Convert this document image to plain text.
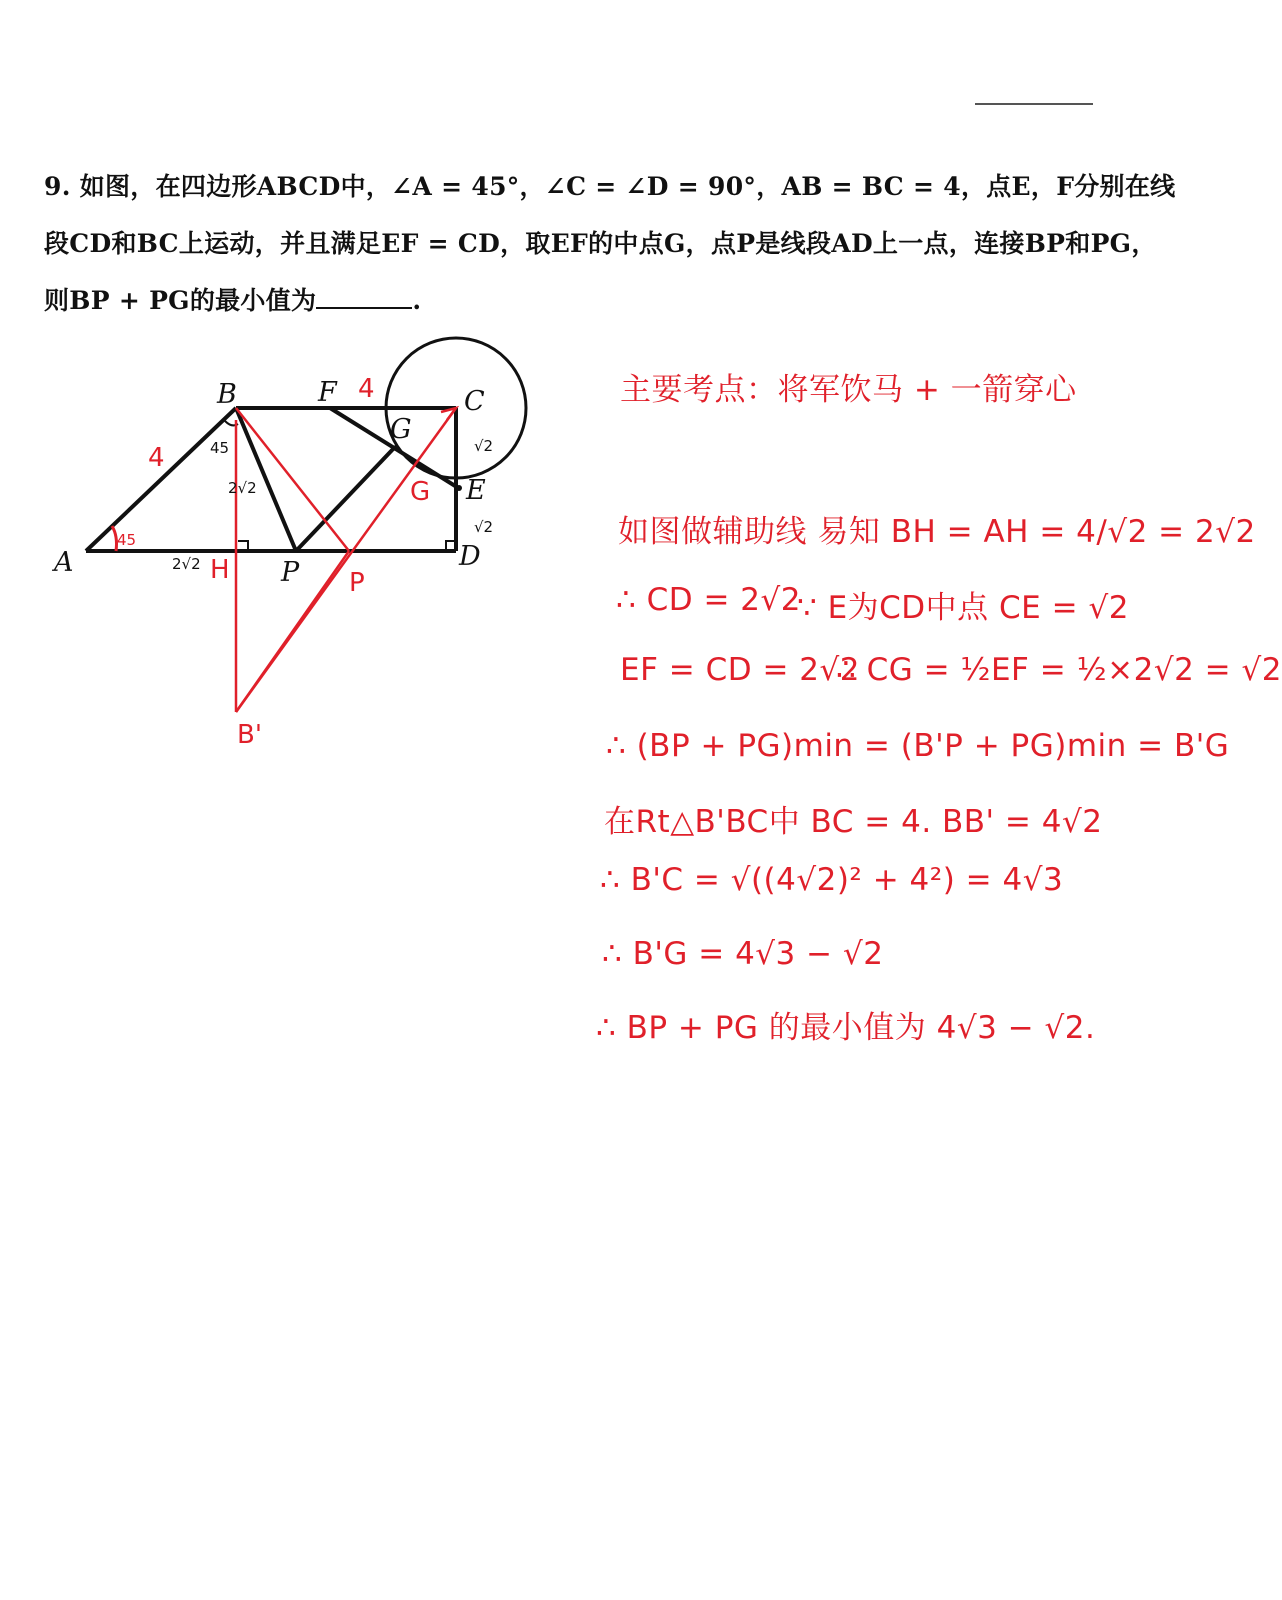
9. 如图，在四边形ABCD中，∠A = 45°，∠C = ∠D = 90°，AB = BC = 4，点E，F分别在线
段CD和BC上运动，并且满足EF = CD，取EF的中点G，点P是线段AD上一点，连接BP和PG，
则BP + PG的最小值为	.
A
B	C
D
E
F
G
P
H
G
P
B'
4
4
45
45
2√2
2√2
√2
√2
主要考点：将军饮马 + 一箭穿心
如图做辅助线 易知 BH = AH = 4/√2 = 2√2
∴ CD = 2√2
∵ E为CD中点 CE = √2
EF = CD = 2√2
∴ CG = ½EF = ½×2√2 = √2
∴ (BP + PG)min = (B'P + PG)min = B'G
在Rt△B'BC中 BC = 4. BB' = 4√2
∴ B'C = √((4√2)² + 4²) = 4√3
∴ B'G = 4√3 − √2
∴ BP + PG 的最小值为 4√3 − √2.
